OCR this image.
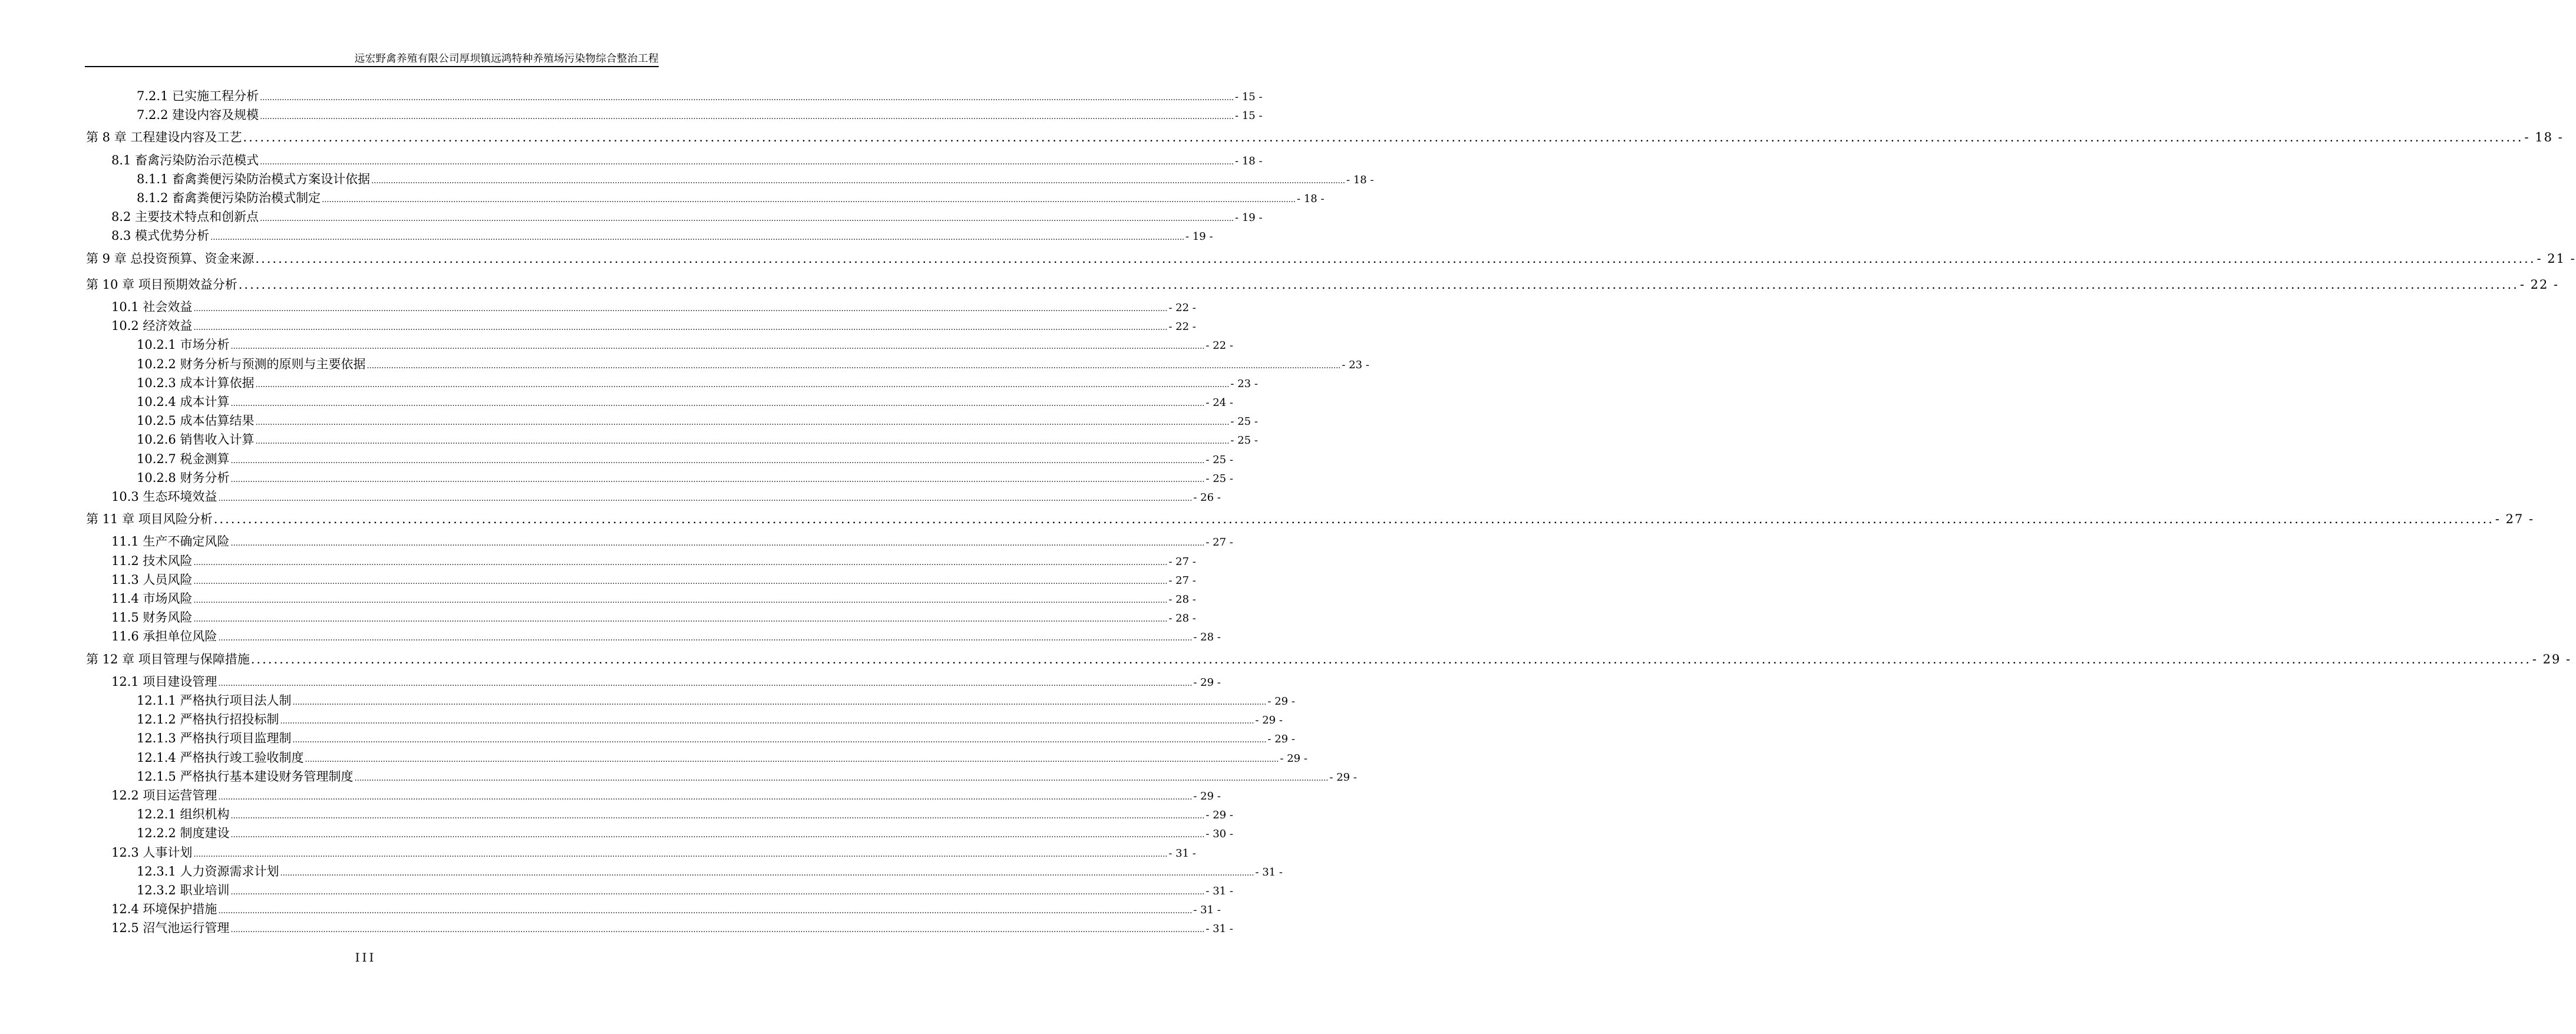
远宏野禽养殖有限公司厚坝镇远鸿特种养殖场污染物综合整治工程
7.2.1 已实施工程分析 ................................................................................................................................................................................................................................................................................................................................................................................................................ - 15 -
7.2.2 建设内容及规模 ................................................................................................................................................................................................................................................................................................................................................................................................................ - 15 -
第 8 章 工程建设内容及工艺 ................................................................................................................................................................................................................................................................................................................................................................................................................ - 18 -
8.1 畜禽污染防治示范模式 ................................................................................................................................................................................................................................................................................................................................................................................................................ - 18 -
8.1.1 畜禽粪便污染防治模式方案设计依据 ................................................................................................................................................................................................................................................................................................................................................................................................................ - 18 -
8.1.2 畜禽粪便污染防治模式制定 ................................................................................................................................................................................................................................................................................................................................................................................................................ - 18 -
8.2 主要技术特点和创新点 ................................................................................................................................................................................................................................................................................................................................................................................................................ - 19 -
8.3 模式优势分析 ................................................................................................................................................................................................................................................................................................................................................................................................................ - 19 -
第 9 章 总投资预算、资金来源 ................................................................................................................................................................................................................................................................................................................................................................................................................ - 21 -
第 10 章 项目预期效益分析 ................................................................................................................................................................................................................................................................................................................................................................................................................ - 22 -
10.1 社会效益 ................................................................................................................................................................................................................................................................................................................................................................................................................ - 22 -
10.2 经济效益 ................................................................................................................................................................................................................................................................................................................................................................................................................ - 22 -
10.2.1 市场分析 ................................................................................................................................................................................................................................................................................................................................................................................................................ - 22 -
10.2.2 财务分析与预测的原则与主要依据 ................................................................................................................................................................................................................................................................................................................................................................................................................ - 23 -
10.2.3 成本计算依据 ................................................................................................................................................................................................................................................................................................................................................................................................................ - 23 -
10.2.4 成本计算 ................................................................................................................................................................................................................................................................................................................................................................................................................ - 24 -
10.2.5 成本估算结果 ................................................................................................................................................................................................................................................................................................................................................................................................................ - 25 -
10.2.6 销售收入计算 ................................................................................................................................................................................................................................................................................................................................................................................................................ - 25 -
10.2.7 税金测算 ................................................................................................................................................................................................................................................................................................................................................................................................................ - 25 -
10.2.8 财务分析 ................................................................................................................................................................................................................................................................................................................................................................................................................ - 25 -
10.3 生态环境效益 ................................................................................................................................................................................................................................................................................................................................................................................................................ - 26 -
第 11 章 项目风险分析 ................................................................................................................................................................................................................................................................................................................................................................................................................ - 27 -
11.1 生产不确定风险 ................................................................................................................................................................................................................................................................................................................................................................................................................ - 27 -
11.2 技术风险 ................................................................................................................................................................................................................................................................................................................................................................................................................ - 27 -
11.3 人员风险 ................................................................................................................................................................................................................................................................................................................................................................................................................ - 27 -
11.4 市场风险 ................................................................................................................................................................................................................................................................................................................................................................................................................ - 28 -
11.5 财务风险 ................................................................................................................................................................................................................................................................................................................................................................................................................ - 28 -
11.6 承担单位风险 ................................................................................................................................................................................................................................................................................................................................................................................................................ - 28 -
第 12 章 项目管理与保障措施 ................................................................................................................................................................................................................................................................................................................................................................................................................ - 29 -
12.1 项目建设管理 ................................................................................................................................................................................................................................................................................................................................................................................................................ - 29 -
12.1.1 严格执行项目法人制 ................................................................................................................................................................................................................................................................................................................................................................................................................ - 29 -
12.1.2 严格执行招投标制 ................................................................................................................................................................................................................................................................................................................................................................................................................ - 29 -
12.1.3 严格执行项目监理制 ................................................................................................................................................................................................................................................................................................................................................................................................................ - 29 -
12.1.4 严格执行竣工验收制度 ................................................................................................................................................................................................................................................................................................................................................................................................................ - 29 -
12.1.5 严格执行基本建设财务管理制度 ................................................................................................................................................................................................................................................................................................................................................................................................................ - 29 -
12.2 项目运营管理 ................................................................................................................................................................................................................................................................................................................................................................................................................ - 29 -
12.2.1 组织机构 ................................................................................................................................................................................................................................................................................................................................................................................................................ - 29 -
12.2.2 制度建设 ................................................................................................................................................................................................................................................................................................................................................................................................................ - 30 -
12.3 人事计划 ................................................................................................................................................................................................................................................................................................................................................................................................................ - 31 -
12.3.1 人力资源需求计划 ................................................................................................................................................................................................................................................................................................................................................................................................................ - 31 -
12.3.2 职业培训 ................................................................................................................................................................................................................................................................................................................................................................................................................ - 31 -
12.4 环境保护措施 ................................................................................................................................................................................................................................................................................................................................................................................................................ - 31 -
12.5 沼气池运行管理 ................................................................................................................................................................................................................................................................................................................................................................................................................ - 31 -
III
